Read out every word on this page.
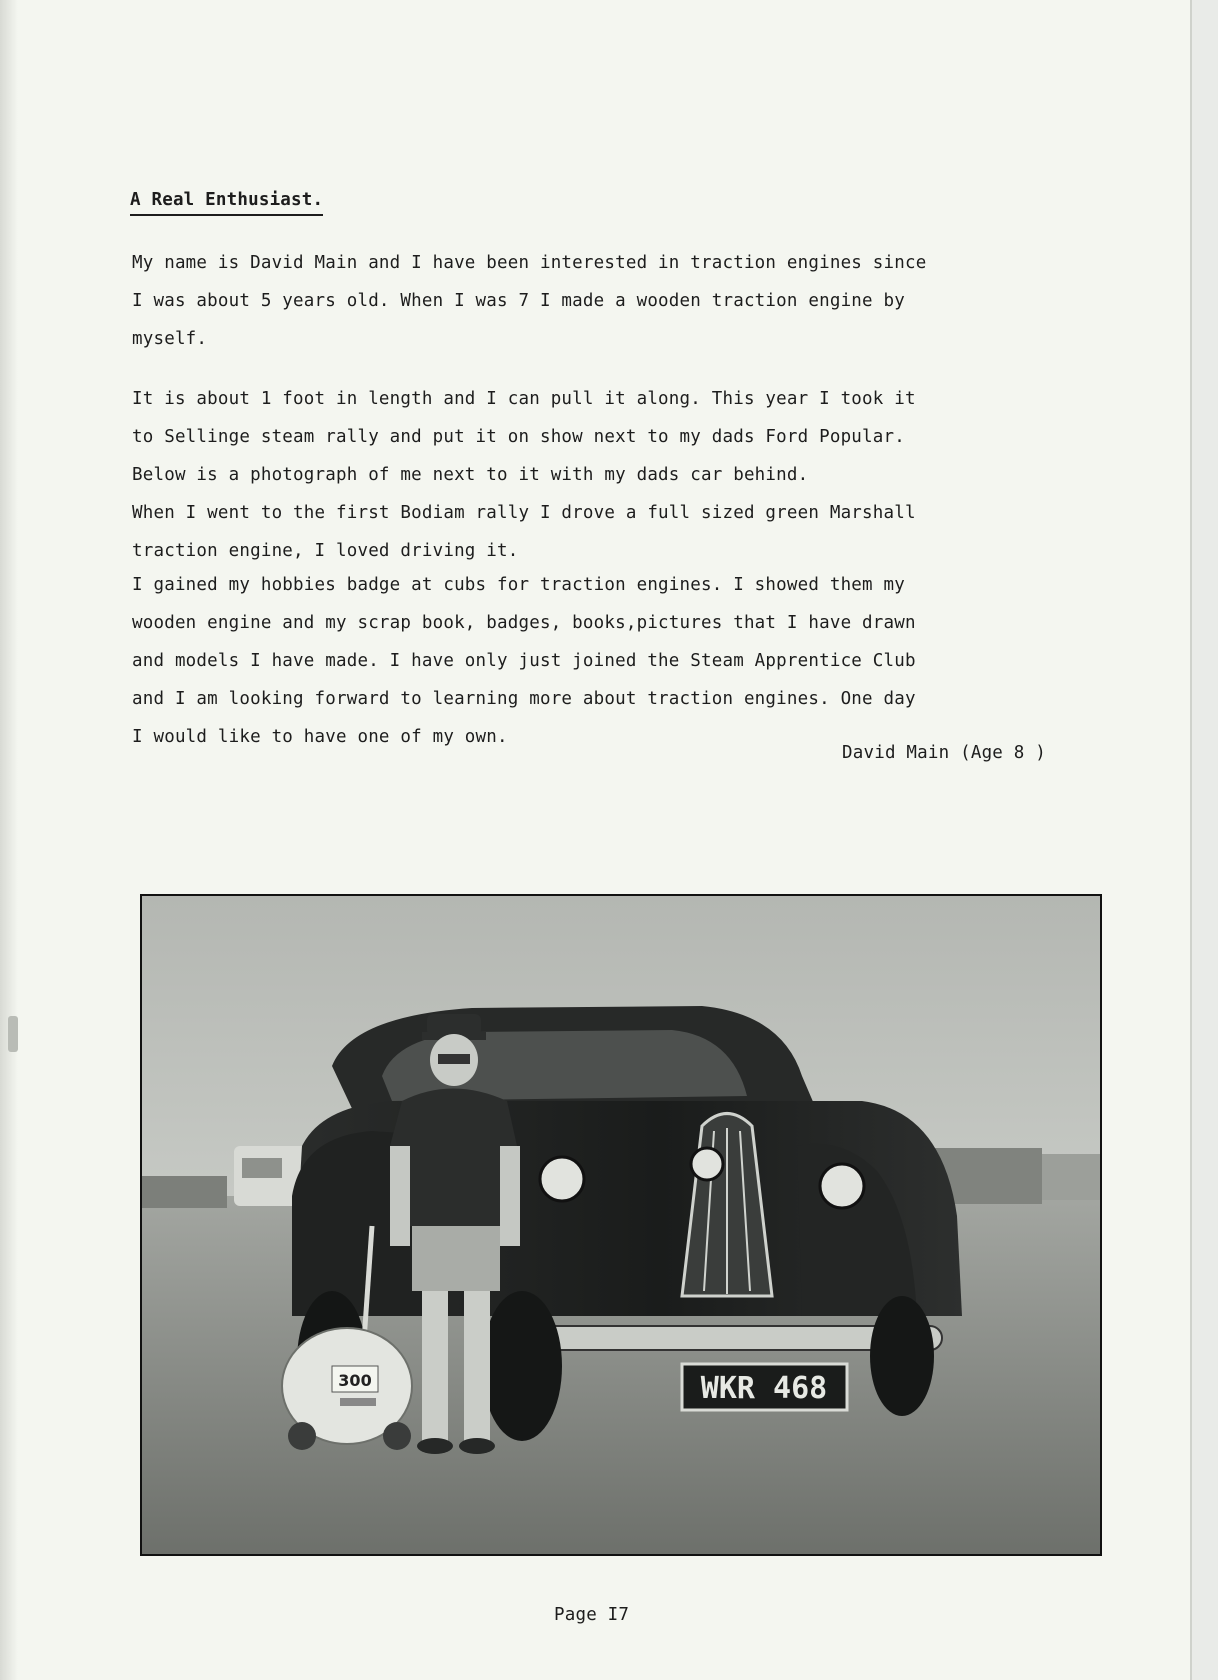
A Real Enthusiast.

My name is David Main and I have been interested in traction engines since
I was about 5 years old. When I was 7 I made a wooden traction engine by
myself.

It is about 1 foot in length and I can pull it along. This year I took it
to Sellinge steam rally and put it on show next to my dads Ford Popular.
Below is a photograph of me next to it with my dads car behind.
When I went to the first Bodiam rally I drove a full sized green Marshall
traction engine, I loved driving it.

I gained my hobbies badge at cubs for traction engines. I showed them my
wooden engine and my scrap book, badges, books,pictures that I have drawn
and models I have made. I have only just joined the Steam Apprentice Club
and I am looking forward to learning more about traction engines. One day
I would like to have one of my own.

David Main (Age 8 )
WKR 468
300
Page I7
